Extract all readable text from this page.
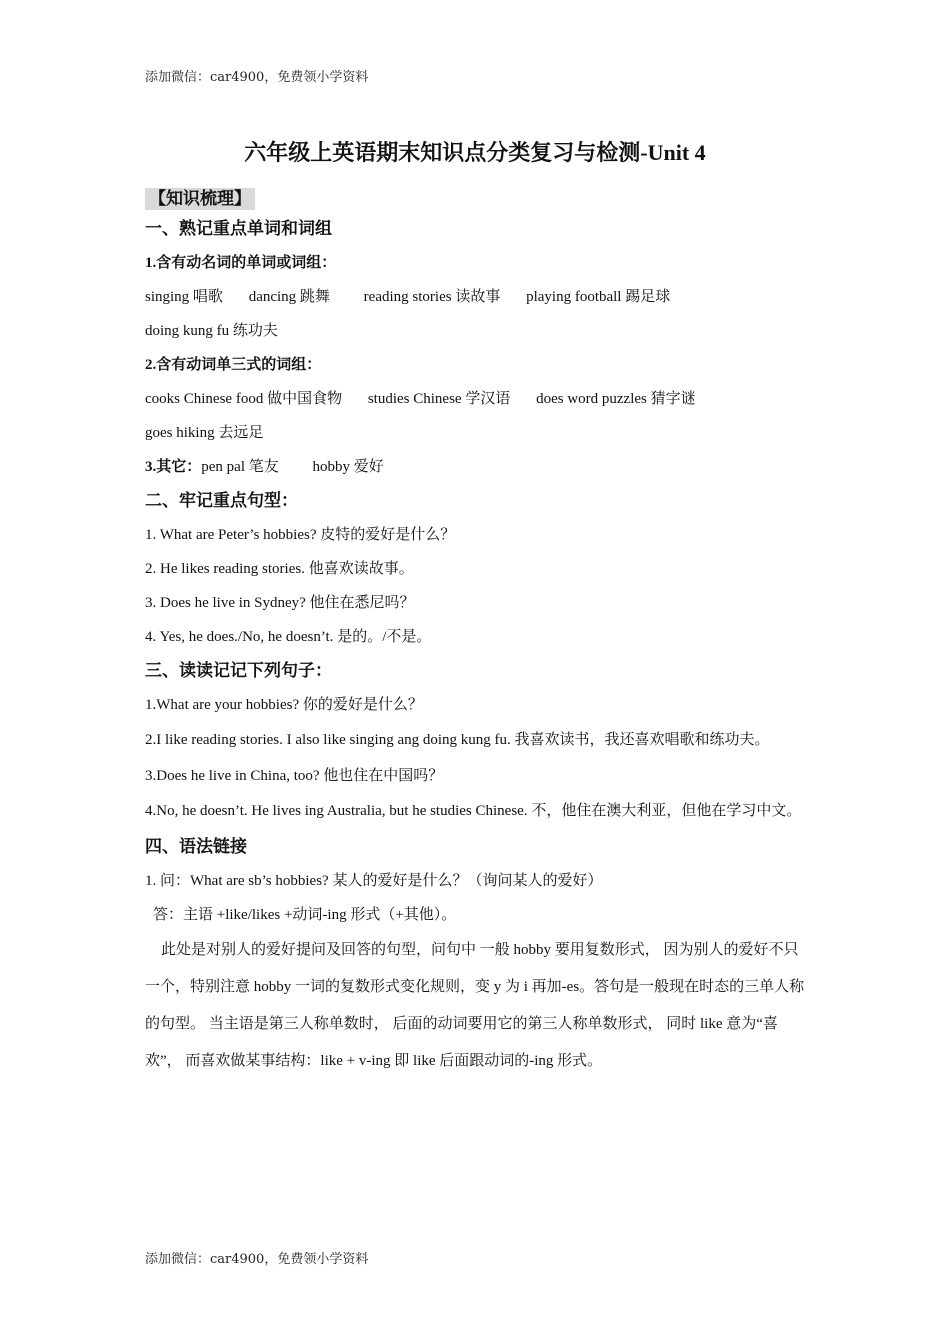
添加微信：car4900，免费领小学资料
六年级上英语期末知识点分类复习与检测-Unit 4
【知识梳理】
一、熟记重点单词和词组
1.含有动名词的单词或词组：
singing 唱歌 dancing 跳舞 reading stories 读故事 playing football 踢足球
doing kung fu 练功夫
2.含有动词单三式的词组：
cooks Chinese food 做中国食物 studies Chinese 学汉语 does word puzzles 猜字谜
goes hiking 去远足
3.其它：pen pal 笔友 hobby 爱好
二、牢记重点句型：
1. What are Peter’s hobbies? 皮特的爱好是什么？
2. He likes reading stories. 他喜欢读故事。
3. Does he live in Sydney? 他住在悉尼吗？
4. Yes, he does./No, he doesn’t. 是的。/不是。
三、读读记记下列句子：
1.What are your hobbies? 你的爱好是什么？
2.I like reading stories. I also like singing ang doing kung fu. 我喜欢读书，我还喜欢唱歌和练功夫。
3.Does he live in China, too? 他也住在中国吗？
4.No, he doesn’t. He lives ing Australia, but he studies Chinese. 不，他住在澳大利亚，但他在学习中文。
四、语法链接
1. 问：What are sb’s hobbies? 某人的爱好是什么？（询问某人的爱好）
答：主语 +like/likes +动词-ing 形式（+其他）。
此处是对别人的爱好提问及回答的句型，问句中 一般 hobby 要用复数形式， 因为别人的爱好不只一个，特别注意 hobby 一词的复数形式变化规则，变 y 为 i 再加-es。答句是一般现在时态的三单人称的句型。 当主语是第三人称单数时， 后面的动词要用它的第三人称单数形式， 同时 like 意为“喜欢”， 而喜欢做某事结构：like + v-ing 即 like 后面跟动词的-ing 形式。
添加微信：car4900，免费领小学资料
